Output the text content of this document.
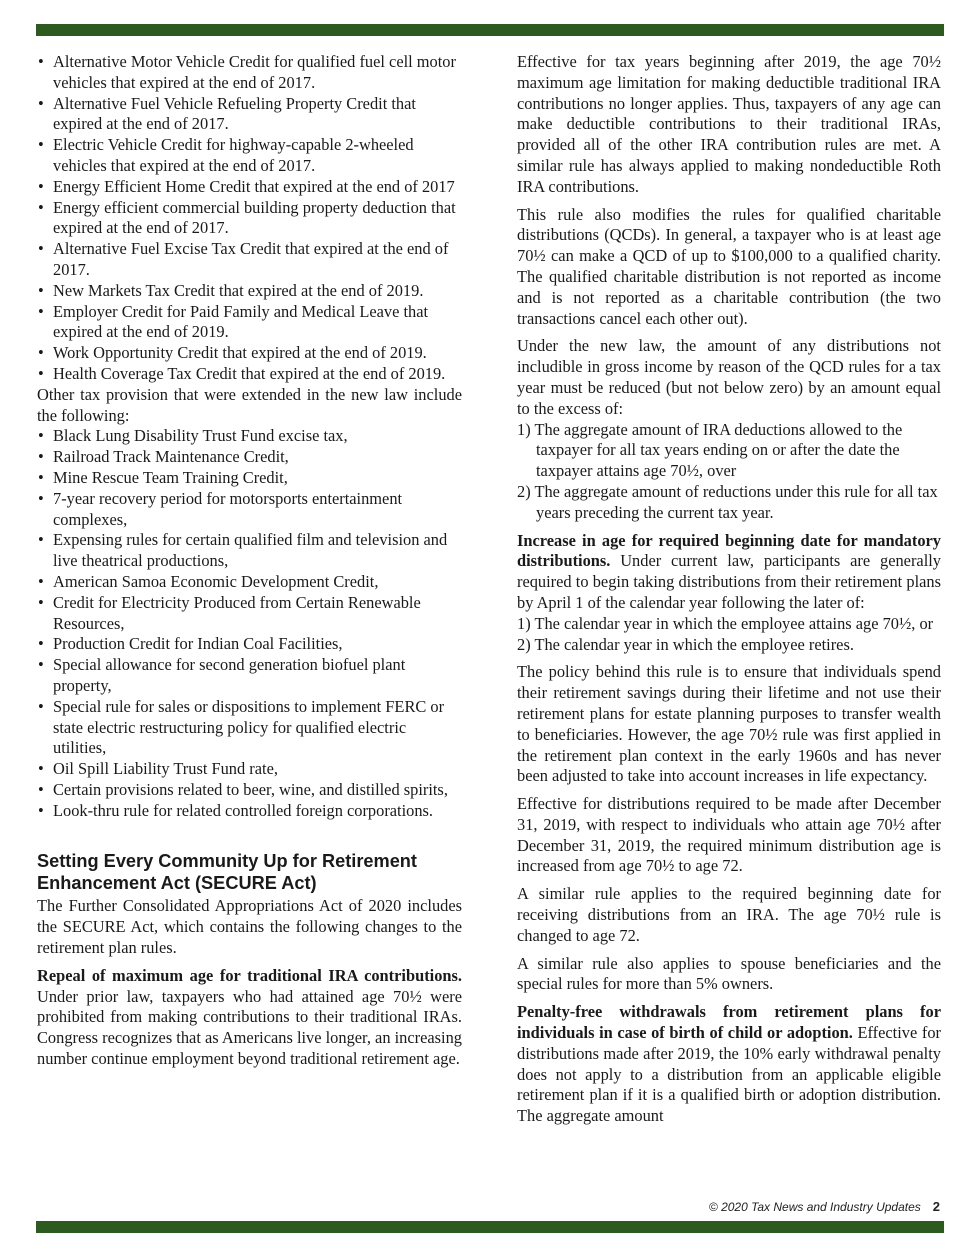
• Alternative Motor Vehicle Credit for qualified fuel cell motor vehicles that expired at the end of 2017.
• Alternative Fuel Vehicle Refueling Property Credit that expired at the end of 2017.
• Electric Vehicle Credit for highway-capable 2-wheeled vehicles that expired at the end of 2017.
• Energy Efficient Home Credit that expired at the end of 2017
• Energy efficient commercial building property deduction that expired at the end of 2017.
• Alternative Fuel Excise Tax Credit that expired at the end of 2017.
• New Markets Tax Credit that expired at the end of 2019.
• Employer Credit for Paid Family and Medical Leave that expired at the end of 2019.
• Work Opportunity Credit that expired at the end of 2019.
• Health Coverage Tax Credit that expired at the end of 2019.

Other tax provision that were extended in the new law include the following:

• Black Lung Disability Trust Fund excise tax,
• Railroad Track Maintenance Credit,
• Mine Rescue Team Training Credit,
• 7-year recovery period for motorsports entertainment complexes,
• Expensing rules for certain qualified film and television and live theatrical productions,
• American Samoa Economic Development Credit,
• Credit for Electricity Produced from Certain Renewable Resources,
• Production Credit for Indian Coal Facilities,
• Special allowance for second generation biofuel plant property,
• Special rule for sales or dispositions to implement FERC or state electric restructuring policy for qualified electric utilities,
• Oil Spill Liability Trust Fund rate,
• Certain provisions related to beer, wine, and distilled spirits,
• Look-thru rule for related controlled foreign corporations.
Setting Every Community Up for Retirement Enhancement Act (SECURE Act)

The Further Consolidated Appropriations Act of 2020 includes the SECURE Act, which contains the following changes to the retirement plan rules.

Repeal of maximum age for traditional IRA contributions. Under prior law, taxpayers who had attained age 70½ were prohibited from making contributions to their traditional IRAs. Congress recognizes that as Americans live longer, an increasing number continue employment beyond traditional retirement age.

Effective for tax years beginning after 2019, the age 70½ maximum age limitation for making deductible traditional IRA contributions no longer applies. Thus, taxpayers of any age can make deductible contributions to their traditional IRAs, provided all of the other IRA contribution rules are met. A similar rule has always applied to making nondeductible Roth IRA contributions.

This rule also modifies the rules for qualified charitable distributions (QCDs). In general, a taxpayer who is at least age 70½ can make a QCD of up to $100,000 to a qualified charity. The qualified charitable distribution is not reported as income and is not reported as a charitable contribution (the two transactions cancel each other out).

Under the new law, the amount of any distributions not includible in gross income by reason of the QCD rules for a tax year must be reduced (but not below zero) by an amount equal to the excess of:

1) The aggregate amount of IRA deductions allowed to the taxpayer for all tax years ending on or after the date the taxpayer attains age 70½, over
2) The aggregate amount of reductions under this rule for all tax years preceding the current tax year.

Increase in age for required beginning date for mandatory distributions. Under current law, participants are generally required to begin taking distributions from their retirement plans by April 1 of the calendar year following the later of:

1) The calendar year in which the employee attains age 70½, or
2) The calendar year in which the employee retires.

The policy behind this rule is to ensure that individuals spend their retirement savings during their lifetime and not use their retirement plans for estate planning purposes to transfer wealth to beneficiaries. However, the age 70½ rule was first applied in the retirement plan context in the early 1960s and has never been adjusted to take into account increases in life expectancy.

Effective for distributions required to be made after December 31, 2019, with respect to individuals who attain age 70½ after December 31, 2019, the required minimum distribution age is increased from age 70½ to age 72.

A similar rule applies to the required beginning date for receiving distributions from an IRA. The age 70½ rule is changed to age 72.

A similar rule also applies to spouse beneficiaries and the special rules for more than 5% owners.

Penalty-free withdrawals from retirement plans for individuals in case of birth of child or adoption. Effective for distributions made after 2019, the 10% early withdrawal penalty does not apply to a distribution from an applicable eligible retirement plan if it is a qualified birth or adoption distribution. The aggregate amount

© 2020 Tax News and Industry Updates 2
